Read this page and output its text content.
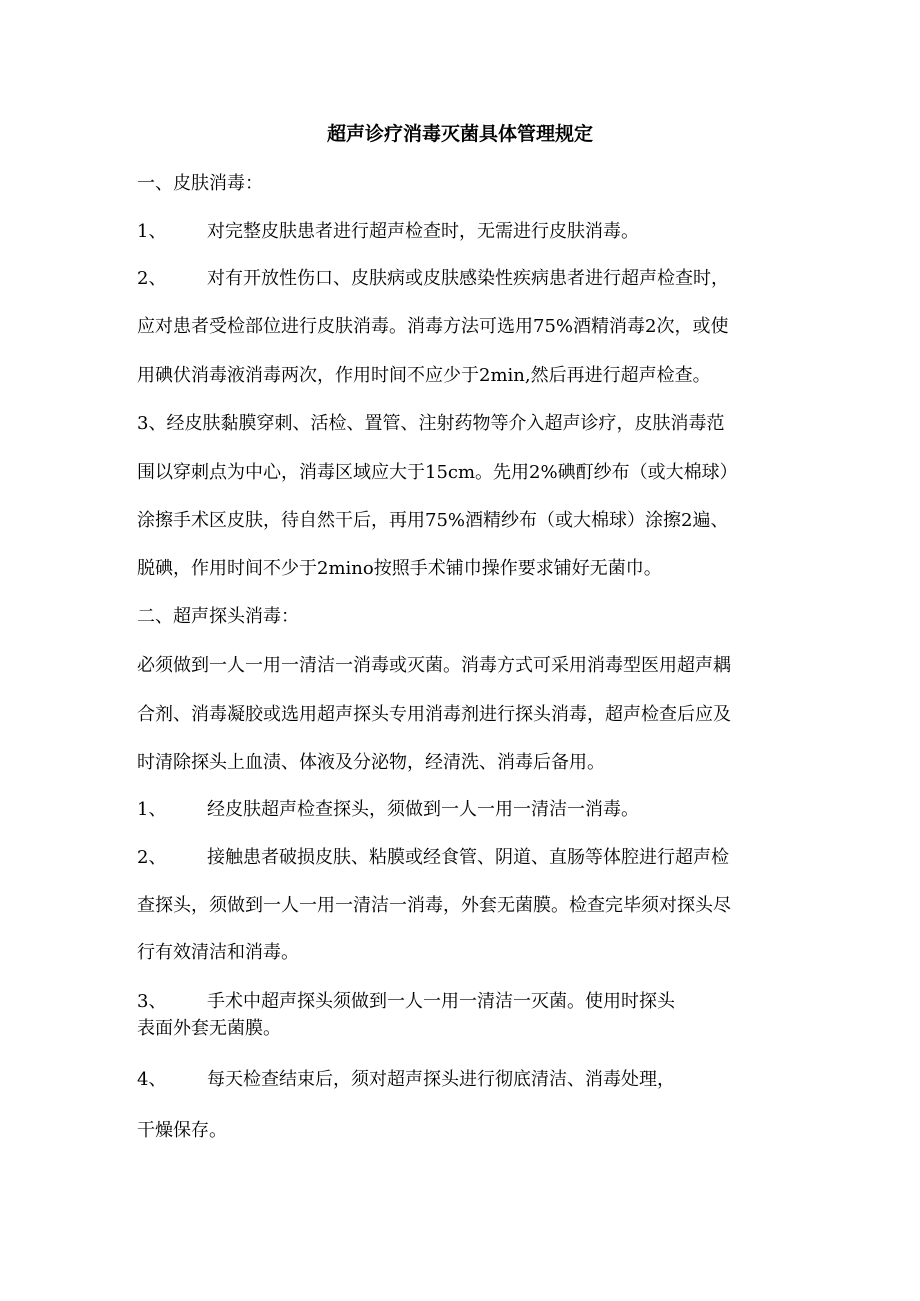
超声诊疗消毒灭菌具体管理规定
一、皮肤消毒：
1、 对完整皮肤患者进行超声检查时，无需进行皮肤消毒。
2、 对有开放性伤口、皮肤病或皮肤感染性疾病患者进行超声检查时，
应对患者受检部位进行皮肤消毒。消毒方法可选用75%酒精消毒2次，或使
用碘伏消毒液消毒两次，作用时间不应少于2min,然后再进行超声检查。
3、经皮肤黏膜穿刺、活检、置管、注射药物等介入超声诊疗，皮肤消毒范
围以穿刺点为中心，消毒区域应大于15cm。先用2%碘酊纱布（或大棉球）
涂擦手术区皮肤，待自然干后，再用75%酒精纱布（或大棉球）涂擦2遍、
脱碘，作用时间不少于2mino按照手术铺巾操作要求铺好无菌巾。
二、超声探头消毒：
必须做到一人一用一清洁一消毒或灭菌。消毒方式可采用消毒型医用超声耦
合剂、消毒凝胶或选用超声探头专用消毒剂进行探头消毒，超声检查后应及
时清除探头上血渍、体液及分泌物，经清洗、消毒后备用。
1、 经皮肤超声检查探头，须做到一人一用一清洁一消毒。
2、 接触患者破损皮肤、粘膜或经食管、阴道、直肠等体腔进行超声检
查探头，须做到一人一用一清洁一消毒，外套无菌膜。检查完毕须对探头尽
行有效清洁和消毒。
3、 手术中超声探头须做到一人一用一清洁一灭菌。使用时探头
表面外套无菌膜。
4、 每天检查结束后，须对超声探头进行彻底清洁、消毒处理，
干燥保存。
